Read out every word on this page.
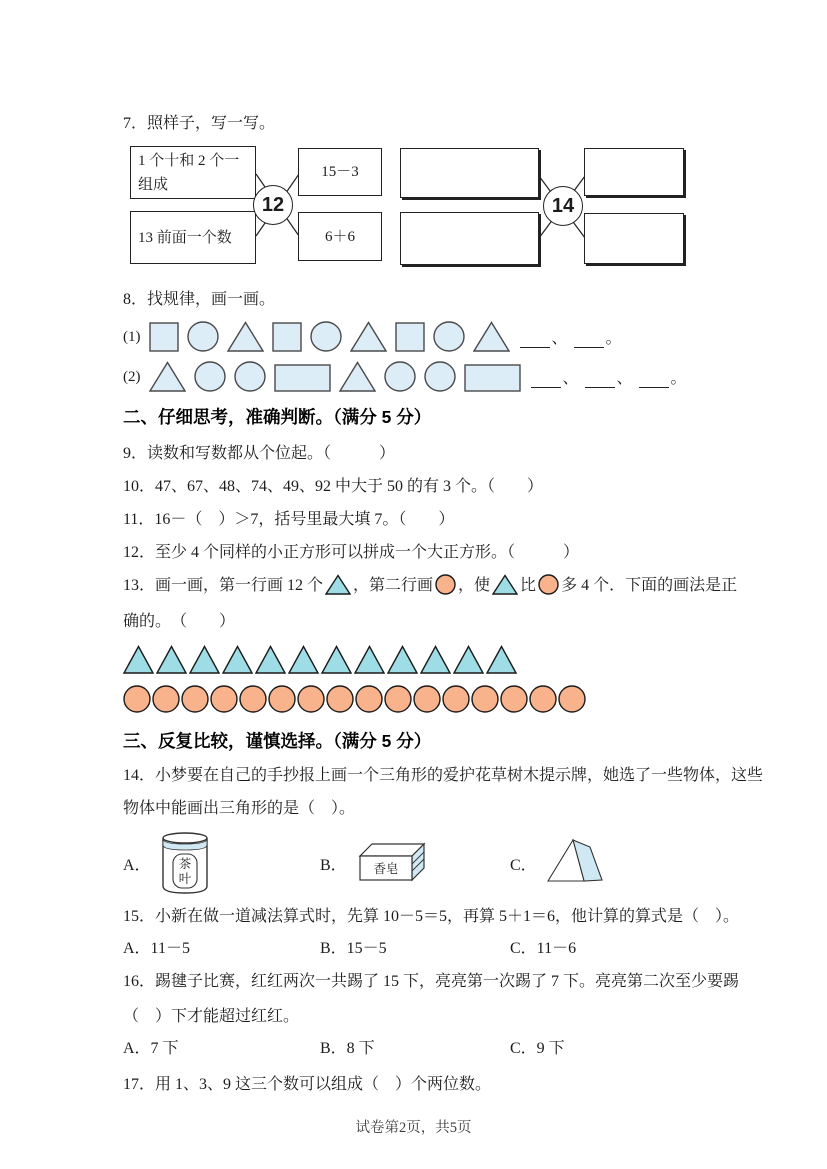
7．照样子，写一写。
1 个十和 2 个一组成
13 前面一个数
12
15－3
6＋6
14
8．找规律，画一画。
(1)	、 。
(2)	、 、 。
二、仔细思考，准确判断。（满分 5 分）
9．读数和写数都从个位起。（　　　）
10．47、67、48、74、49、92 中大于 50 的有 3 个。（　　）
11．16－（　）＞7，括号里最大填 7。（　　）
12．至少 4 个同样的小正方形可以拼成一个大正方形。（　　　）
13．画一画，第一行画 12 个 ，第二行画 ，使 比 多 4 个．下面的画法是正
确的。　（　　）
三、反复比较，谨慎选择。（满分 5 分）
14．小梦要在自己的手抄报上画一个三角形的爱护花草树木提示牌，她选了一些物体，这些
物体中能画出三角形的是（　）。
A． 茶
叶
B． 香皂	C．
15．小新在做一道减法算式时，先算 10－5＝5，再算 5＋1＝6，他计算的算式是（　）。
A．11－5	B．15－5	C．11－6
16．踢毽子比赛，红红两次一共踢了 15 下，亮亮第一次踢了 7 下。亮亮第二次至少要踢
（　）下才能超过红红。
A．7 下	B．8 下	C．9 下
17．用 1、3、9 这三个数可以组成（　）个两位数。
试卷第2页，共5页
